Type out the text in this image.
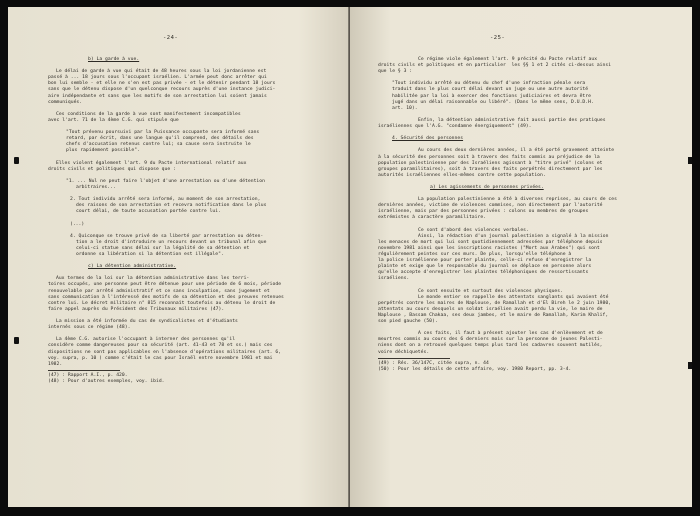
-24-
b) La garde à vue.
Le délai de garde à vue qui était de 48 heures sous la loi jordanienne est
passé à ... 18 jours sous l'occupant israélien. L'armée peut donc arrêter qui
bon lui semble - et elle ne s'en est pas privée - et le détenir pendant 18 jours
sans que le détenu dispose d'un quelconque recours auprès d'une instance judici-
aire indépendante et sans que les motifs de son arrestation lui soient jamais
communiqués.
Ces conditions de la garde à vue sont manifestement incompatibles
avec l'art. 71 de la 4ème C.G. qui stipule que
"Tout prévenu poursuivi par la Puissance occupante sera informé sans
retard, par écrit, dans une langue qu'il comprend, des détails des
chefs d'accusation retenus contre lui; sa cause sera instruite le
plus rapidement possible".
Elles violent également l'art. 9 du Pacte international relatif aux
droits civils et politiques qui dispose que :
"1. ... Nul ne peut faire l'objet d'une arrestation ou d'une détention
arbitraires...
2. Tout individu arrêté sera informé, au moment de son arrestation,
des raisons de son arrestation et recevra notification dans le plus
court délai, de toute accusation portée contre lui.
(...)
4. Quiconque se trouve privé de sa liberté par arrestation ou déten-
tion a le droit d'introduire un recours devant un tribunal afin que
celui-ci statue sans délai sur la légalité de sa détention et
ordonne sa libération si la détention est illégale".
c) La détention administrative.
Aux termes de la loi sur la détention administrative dans les terri-
toires occupés, une personne peut être détenue pour une période de 6 mois, période
renouvelable par arrêté administratif et ce sans inculpation, sans jugement et
sans communication à l'intéressé des motifs de sa détention et des preuves retenues
contre lui. Le décret militaire n° 815 reconnaît toutefois au détenu le droit de
faire appel auprès du Président des Tribunaux militaires (47).
La mission a été informée du cas de syndicalistes et d'étudiants
internés sous ce régime (48).
La 4ème C.G. autorise l'occupant à interner des personnes qu'il
considère comme dangereuses pour sa sécurité (art. 41-43 et 78 et ss.) mais ces
dispositions ne sont pas applicables en l'absence d'opérations militaires (art. 6,
voy. supra, p. 10 ) comme c'était le cas pour Israël entre novembre 1981 et mai
1982.
(47) : Rapport A.I., p. 420.
(48) : Pour d'autres exemples, voy. ibid.
-25-
Ce régime viole également l'art. 9 précité du Pacte relatif aux
droits civils et politiques et en particulier  les §§ 1 et 2 cités ci-dessus ainsi
que le § 3 :
"Tout individu arrêté ou détenu du chef d'une infraction pénale sera
traduit dans le plus court délai devant un juge ou une autre autorité
habilitée par la loi à exercer des fonctions judiciaires et devra être
jugé dans un délai raisonnable ou libéré". (Dans le même sens, D.U.D.H.
art. 10).
Enfin, la détention administrative fait aussi partie des pratiques
israéliennes que l'A.G. "condamne énergiquement" (49).
4. Sécurité des personnes
Au cours des deux dernières années, il a été porté gravement atteinte
à la sécurité des personnes soit à travers des faits commis au préjudice de la
population palestinienne par des Israéliens agissant à "titre privé" (colons et
groupes paramilitaires), soit à travers des faits perpétrés directement par les
autorités israéliennes elles-mêmes contre cette population.
a) Les agissements de personnes privées.
La population palestinienne a été à diverses reprises, au cours de ces
dernières années, victime de violences commises, non directement par l'autorité
israélienne, mais par des personnes privées : colons ou membres de groupes
extrémistes à caractère paramilitaire.
Ce sont d'abord des violences verbales.
Ainsi, la rédaction d'un journal palestinien a signalé à la mission
les menaces de mort qui lui sont quotidiennement adressées par téléphone depuis
novembre 1981 ainsi que les inscriptions racistes ("Mort aux Arabes") qui sont
régulièrement peintes sur ces murs. De plus, lorsqu'elle téléphone à
la police israélienne pour porter plainte, celle-ci refuse d'enregistrer la
plainte et exige que le responsable du journal se déplace en personne alors
qu'elle accepte d'enregistrer les plaintes téléphoniques de ressortissants
israéliens.
Ce sont ensuite et surtout des violences physiques.
Le monde entier se rappelle des attentats sanglants qui avaient été
perpétrés contre les maires de Naplouse, de Ramallah et d'El Bireh le 2 juin 1980,
attentats au cours desquels un soldat israélien avait perdu la vie, le maire de
Naplouse , Bassam Chakaa, ses deux jambes, et le maire de Ramallah, Karim Khalif,
son pied gauche (50).
A ces faits, il faut à présent ajouter les cas d'enlèvement et de
meurtres commis au cours des 6 derniers mois sur la personne de jeunes Palesti-
niens dont on a retrouvé quelques temps plus tard les cadavres souvent mutilés,
voire déchiquetés.
(49) : Rés. 36/147C, citée supra, n. 44
(50) : Pour les détails de cette affaire, voy. 1980 Report, pp. 3-4.
